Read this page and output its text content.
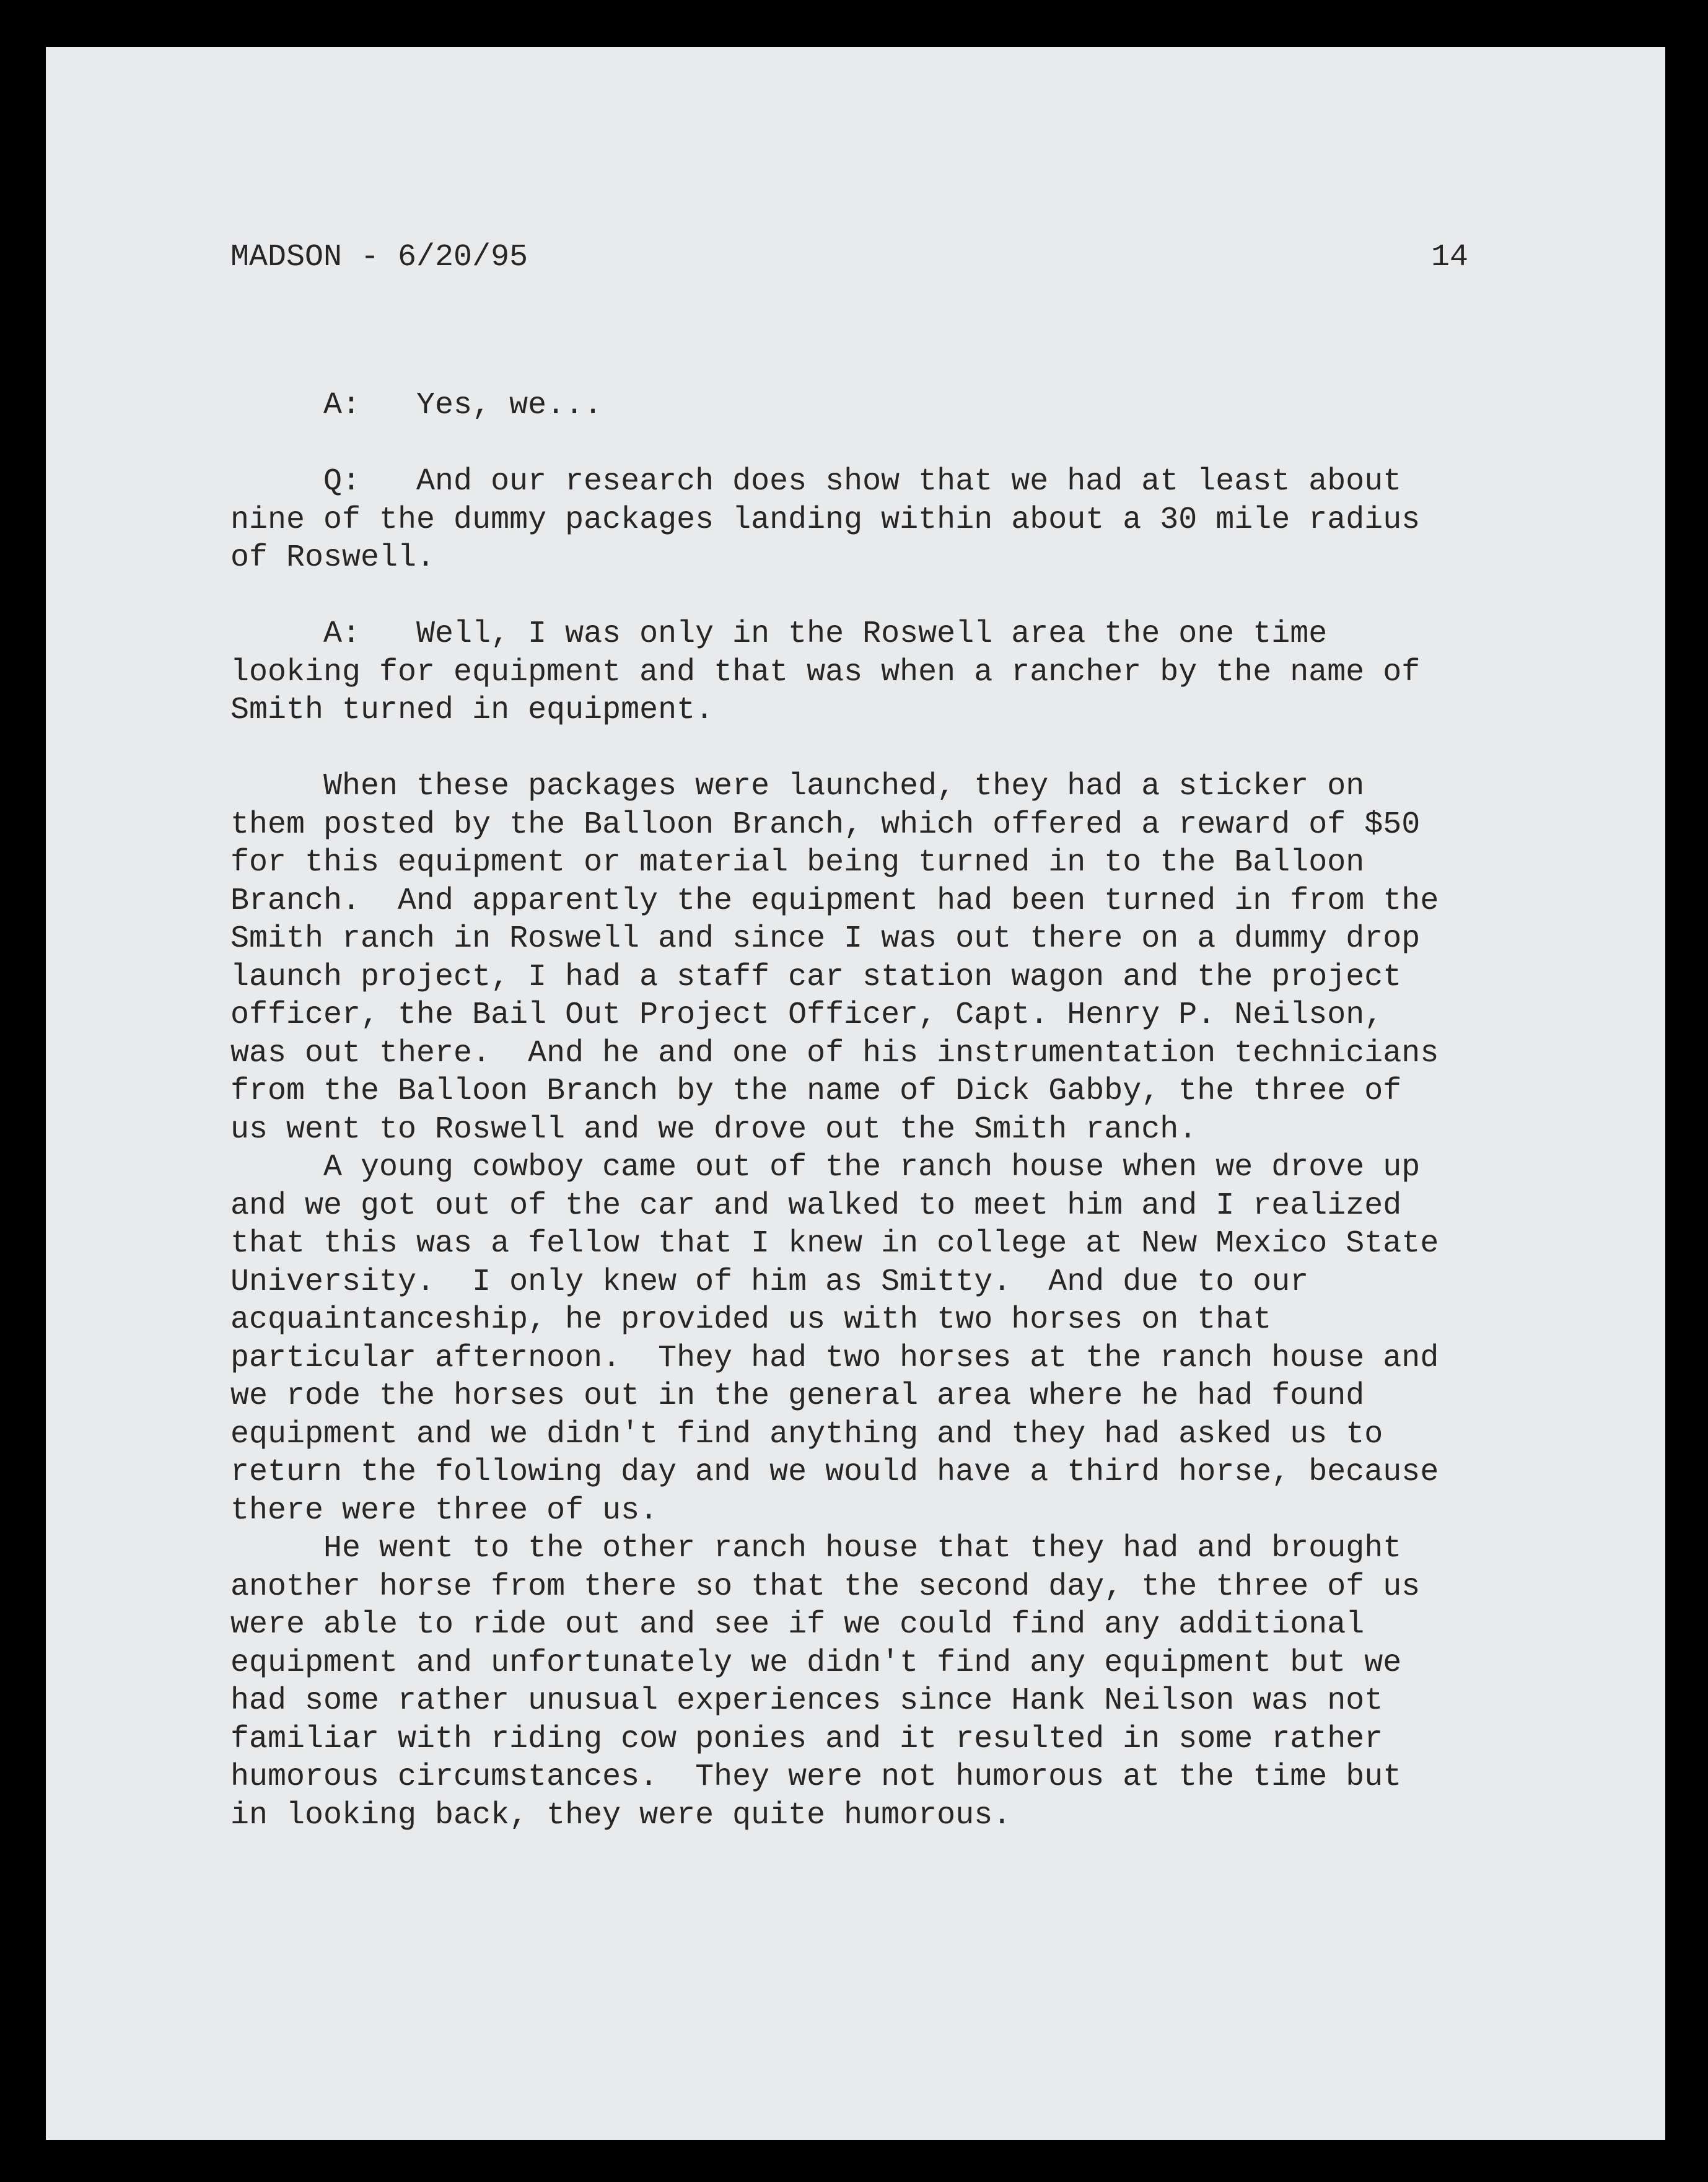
MADSON - 6/20/95	14

A:   Yes, we...

Q:   And our research does show that we had at least about
nine of the dummy packages landing within about a 30 mile radius
of Roswell.

A:   Well, I was only in the Roswell area the one time
looking for equipment and that was when a rancher by the name of
Smith turned in equipment.

When these packages were launched, they had a sticker on
them posted by the Balloon Branch, which offered a reward of $50
for this equipment or material being turned in to the Balloon
Branch.  And apparently the equipment had been turned in from the
Smith ranch in Roswell and since I was out there on a dummy drop
launch project, I had a staff car station wagon and the project
officer, the Bail Out Project Officer, Capt. Henry P. Neilson,
was out there.  And he and one of his instrumentation technicians
from the Balloon Branch by the name of Dick Gabby, the three of
us went to Roswell and we drove out the Smith ranch.
A young cowboy came out of the ranch house when we drove up
and we got out of the car and walked to meet him and I realized
that this was a fellow that I knew in college at New Mexico State
University.  I only knew of him as Smitty.  And due to our
acquaintanceship, he provided us with two horses on that
particular afternoon.  They had two horses at the ranch house and
we rode the horses out in the general area where he had found
equipment and we didn't find anything and they had asked us to
return the following day and we would have a third horse, because
there were three of us.

He went to the other ranch house that they had and brought
another horse from there so that the second day, the three of us
were able to ride out and see if we could find any additional
equipment and unfortunately we didn't find any equipment but we
had some rather unusual experiences since Hank Neilson was not
familiar with riding cow ponies and it resulted in some rather
humorous circumstances.  They were not humorous at the time but
in looking back, they were quite humorous.
